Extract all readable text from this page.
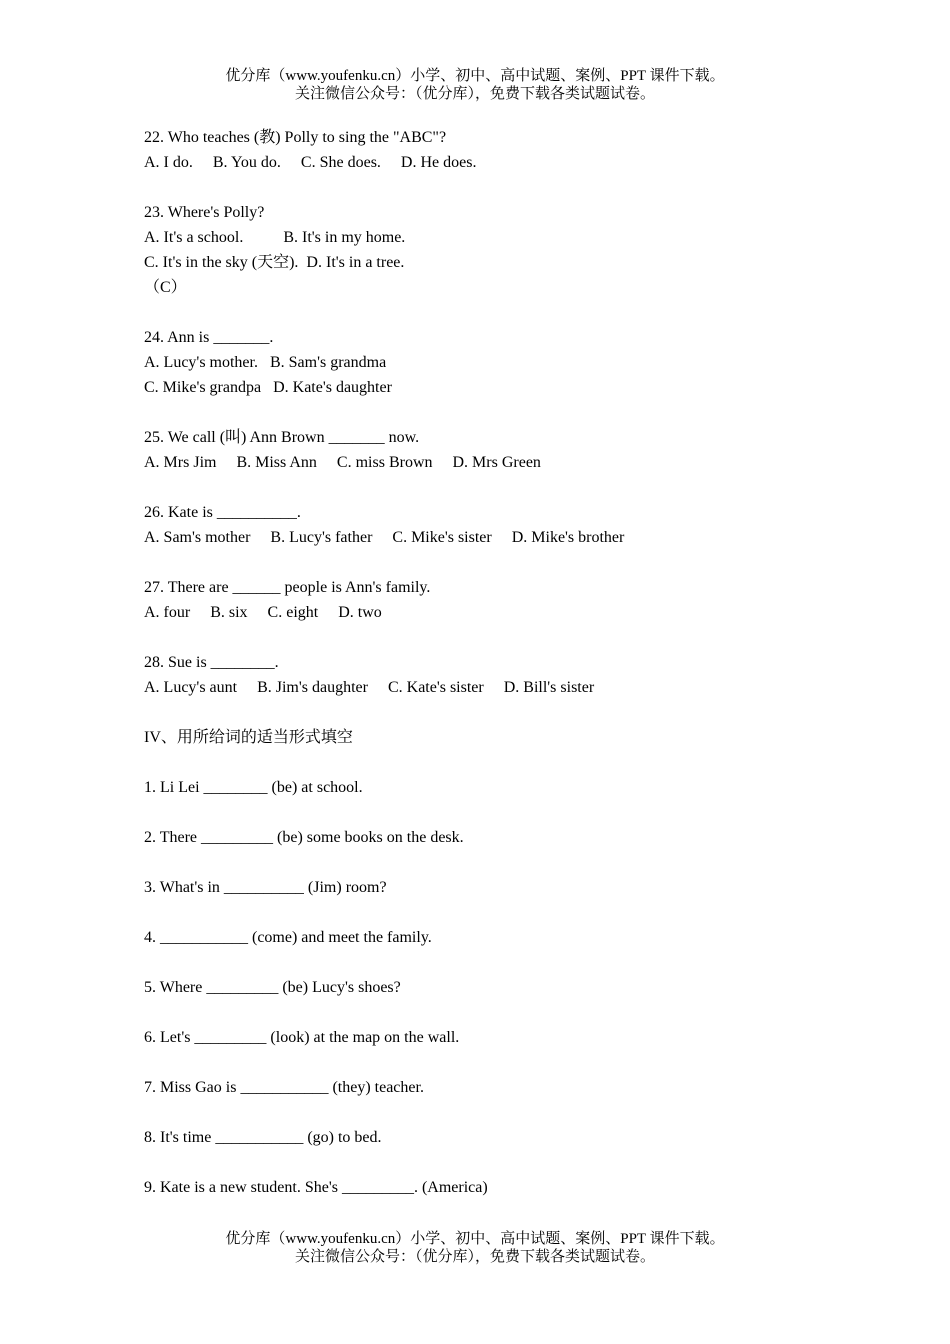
优分库（www.youfenku.cn）小学、初中、高中试题、案例、PPT 课件下载。
关注微信公众号：（优分库），免费下载各类试题试卷。
22. Who teaches (教) Polly to sing the "ABC"?
A. I do.     B. You do.     C. She does.     D. He does.
23. Where's Polly?
A. It's a school.          B. It's in my home.
C. It's in the sky (天空).  D. It's in a tree.
（C）
24. Ann is _______.
A. Lucy's mother.   B. Sam's grandma
C. Mike's grandpa   D. Kate's daughter
25. We call (叫) Ann Brown _______ now.
A. Mrs Jim     B. Miss Ann     C. miss Brown     D. Mrs Green
26. Kate is __________.
A. Sam's mother     B. Lucy's father     C. Mike's sister     D. Mike's brother
27. There are ______ people is Ann's family.
A. four     B. six     C. eight     D. two
28. Sue is ________.
A. Lucy's aunt     B. Jim's daughter     C. Kate's sister     D. Bill's sister
IV、用所给词的适当形式填空
1. Li Lei ________ (be) at school.
2. There _________ (be) some books on the desk.
3. What's in __________ (Jim) room?
4. ___________ (come) and meet the family.
5. Where _________ (be) Lucy's shoes?
6. Let's _________ (look) at the map on the wall.
7. Miss Gao is ___________ (they) teacher.
8. It's time ___________ (go) to bed.
9. Kate is a new student. She's _________. (America)
优分库（www.youfenku.cn）小学、初中、高中试题、案例、PPT 课件下载。
关注微信公众号：（优分库），免费下载各类试题试卷。
